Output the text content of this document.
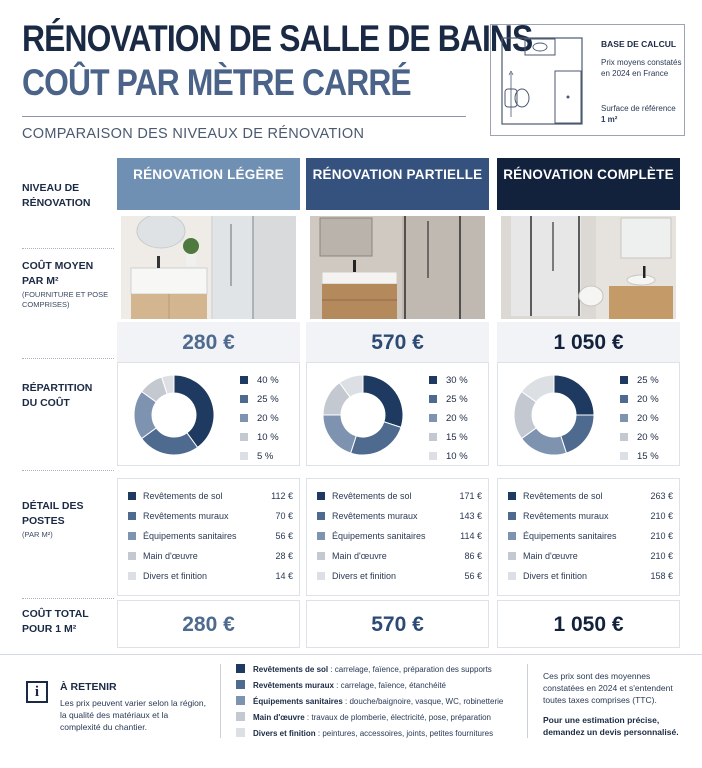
RÉNOVATION DE SALLE DE BAINS
COÛT PAR MÈTRE CARRÉ
COMPARAISON DES NIVEAUX DE RÉNOVATION
BASE DE CALCUL
Prix moyens constatés en 2024 en France
Surface de référence
1 m²
NIVEAU DE RÉNOVATION
COÛT MOYEN PAR M²
(FOURNITURE ET POSE COMPRISES)
RÉPARTITION DU COÛT
DÉTAIL DES POSTES
(PAR M²)
COÛT TOTAL POUR 1 M²
RÉNOVATION LÉGÈRE
280 €
40 %
25 %
20 %
10 %
5 %
Revêtements de sol	112 €
Revêtements muraux	70 €
Équipements sanitaires	56 €
Main d'œuvre	28 €
Divers et finition	14 €
280 €
RÉNOVATION PARTIELLE
570 €
30 %
25 %
20 %
15 %
10 %
Revêtements de sol	171 €
Revêtements muraux	143 €
Équipements sanitaires	114 €
Main d'œuvre	86 €
Divers et finition	56 €
570 €
RÉNOVATION COMPLÈTE
1 050 €
25 %
20 %
20 %
20 %
15 %
Revêtements de sol	263 €
Revêtements muraux	210 €
Équipements sanitaires	210 €
Main d'œuvre	210 €
Divers et finition	158 €
1 050 €
i	À RETENIR
Les prix peuvent varier selon la région, la qualité des matériaux et la complexité du chantier.
Revêtements de sol : carrelage, faïence, préparation des supports
Revêtements muraux : carrelage, faïence, étanchéité
Équipements sanitaires : douche/baignoire, vasque, WC, robinetterie
Main d'œuvre : travaux de plomberie, électricité, pose, préparation
Divers et finition : peintures, accessoires, joints, petites fournitures
Ces prix sont des moyennes constatées en 2024 et s'entendent toutes taxes comprises (TTC).
Pour une estimation précise, demandez un devis personnalisé.
